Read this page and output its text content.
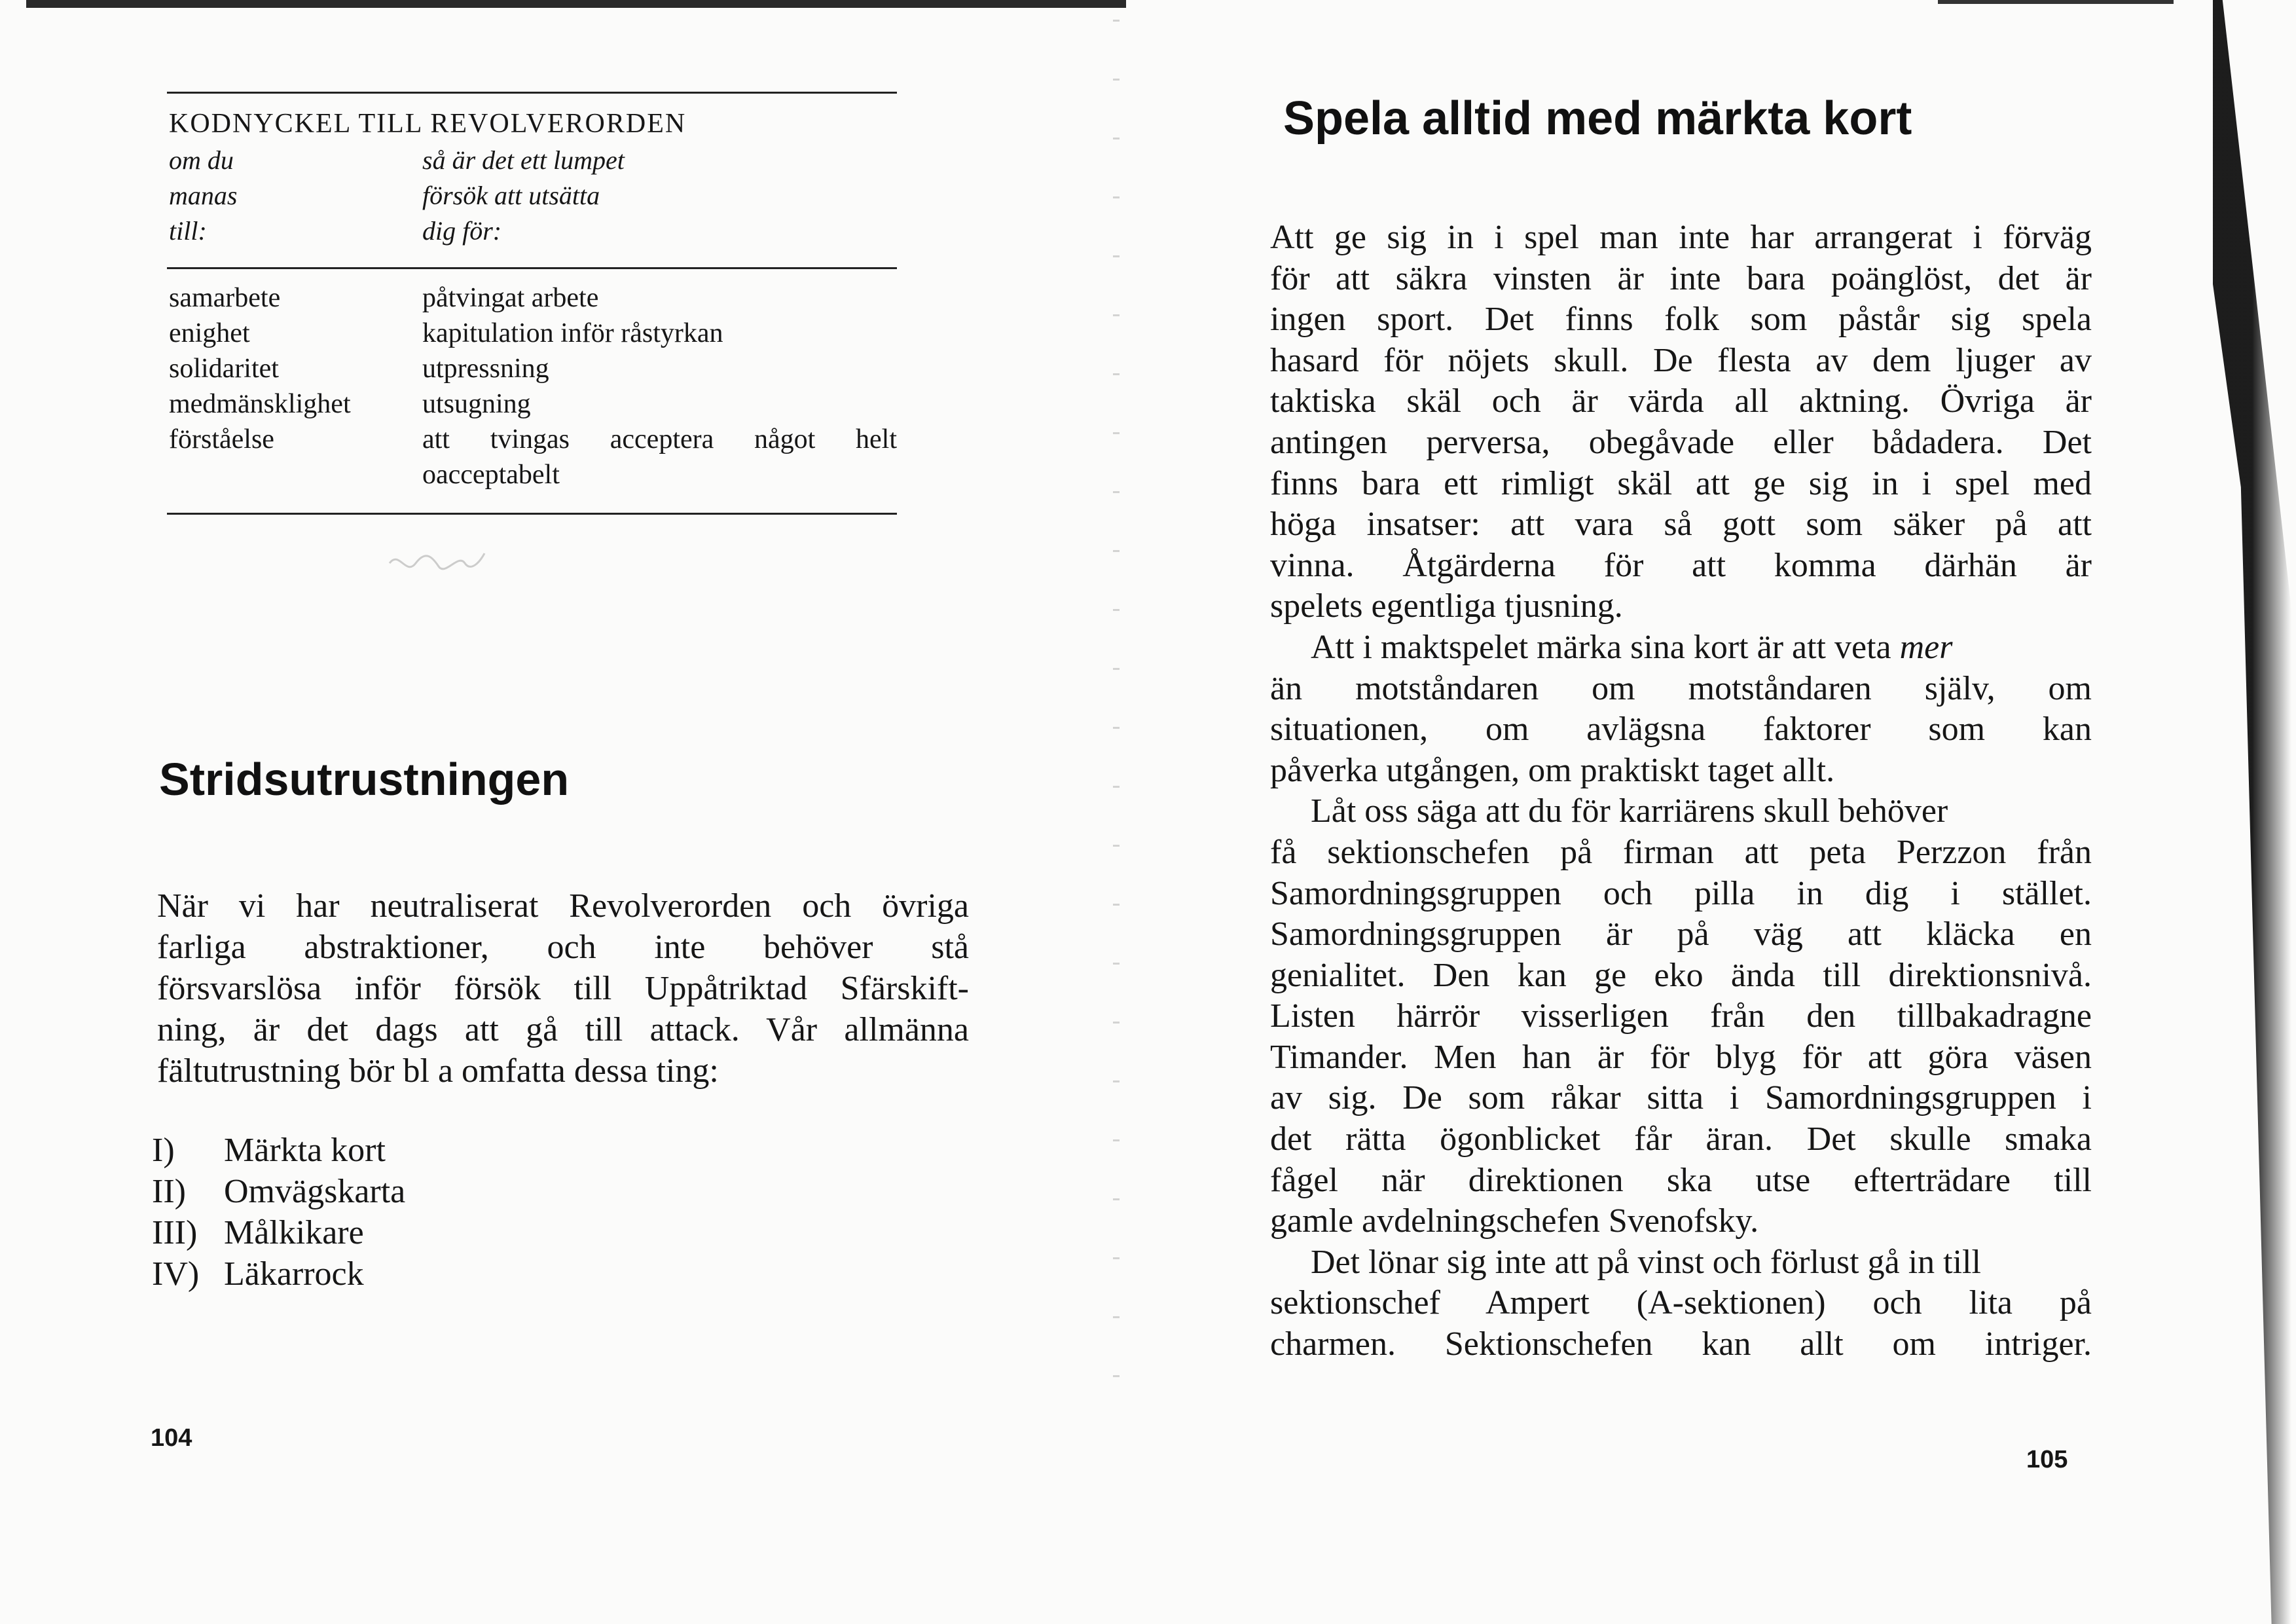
KODNYCKEL TILL REVOLVERORDEN
om du
manas
till:
så är det ett lumpet
försök att utsätta
dig för:
samarbete
enighet
solidaritet
medmänsklighet
förståelse
påtvingat arbete
kapitulation inför råstyrkan
utpressning
utsugning
att tvingas acceptera något helt
oacceptabelt
Stridsutrustningen
När vi har neutraliserat Revolverorden och övriga
farliga abstraktioner, och inte behöver stå
försvarslösa inför försök till Uppåtriktad Sfärskift-
ning, är det dags att gå till attack. Vår allmänna
fältutrustning bör bl a omfatta dessa ting:
I) Märkta kort
II) Omvägskarta
III) Målkikare
IV) Läkarrock
104
Spela alltid med märkta kort
Att ge sig in i spel man inte har arrangerat i förväg
för att säkra vinsten är inte bara poänglöst, det är
ingen sport. Det finns folk som påstår sig spela
hasard för nöjets skull. De flesta av dem ljuger av
taktiska skäl och är värda all aktning. Övriga är
antingen perversa, obegåvade eller bådadera. Det
finns bara ett rimligt skäl att ge sig in i spel med
höga insatser: att vara så gott som säker på att
vinna. Åtgärderna för att komma därhän är
spelets egentliga tjusning.
Att i maktspelet märka sina kort är att veta mer
än motståndaren om motståndaren själv, om
situationen, om avlägsna faktorer som kan
påverka utgången, om praktiskt taget allt.
Låt oss säga att du för karriärens skull behöver
få sektionschefen på firman att peta Perzzon från
Samordningsgruppen och pilla in dig i stället.
Samordningsgruppen är på väg att kläcka en
genialitet. Den kan ge eko ända till direktionsnivå.
Listen härrör visserligen från den tillbakadragne
Timander. Men han är för blyg för att göra väsen
av sig. De som råkar sitta i Samordningsgruppen i
det rätta ögonblicket får äran. Det skulle smaka
fågel när direktionen ska utse efterträdare till
gamle avdelningschefen Svenofsky.
Det lönar sig inte att på vinst och förlust gå in till
sektionschef Ampert (A-sektionen) och lita på
charmen. Sektionschefen kan allt om intriger.
105
